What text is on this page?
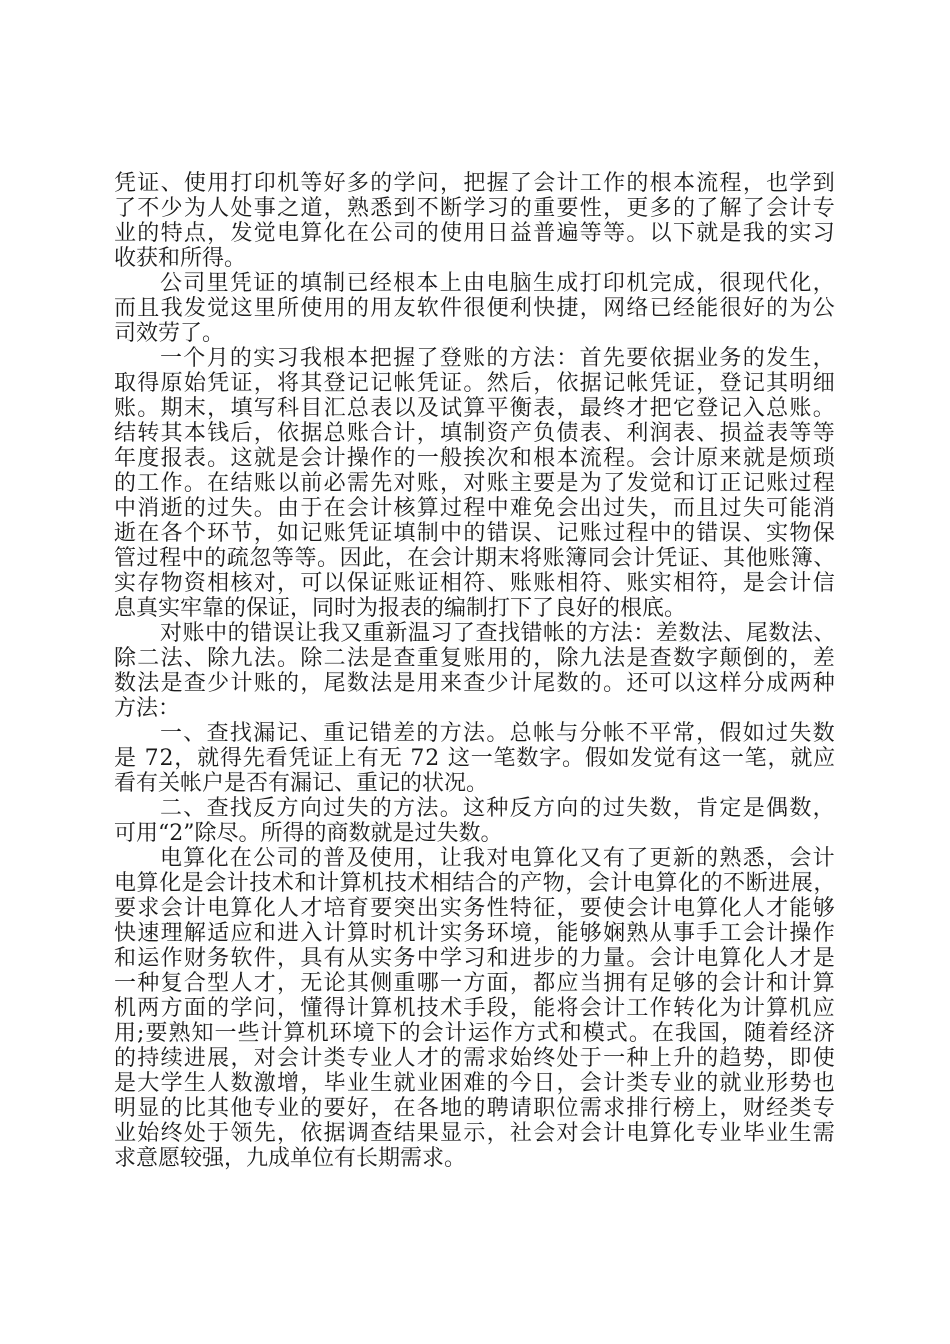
凭证、使用打印机等好多的学问，把握了会计工作的根本流程，也学到
了不少为人处事之道，熟悉到不断学习的重要性，更多的了解了会计专
业的特点，发觉电算化在公司的使用日益普遍等等。以下就是我的实习
收获和所得。
公司里凭证的填制已经根本上由电脑生成打印机完成，很现代化，
而且我发觉这里所使用的用友软件很便利快捷，网络已经能很好的为公
司效劳了。
一个月的实习我根本把握了登账的方法：首先要依据业务的发生，
取得原始凭证，将其登记记帐凭证。然后，依据记帐凭证，登记其明细
账。期末，填写科目汇总表以及试算平衡表，最终才把它登记入总账。
结转其本钱后，依据总账合计，填制资产负债表、利润表、损益表等等
年度报表。这就是会计操作的一般挨次和根本流程。会计原来就是烦琐
的工作。在结账以前必需先对账，对账主要是为了发觉和订正记账过程
中消逝的过失。由于在会计核算过程中难免会出过失，而且过失可能消
逝在各个环节，如记账凭证填制中的错误、记账过程中的错误、实物保
管过程中的疏忽等等。因此，在会计期末将账簿同会计凭证、其他账簿、
实存物资相核对，可以保证账证相符、账账相符、账实相符，是会计信
息真实牢靠的保证，同时为报表的编制打下了良好的根底。
对账中的错误让我又重新温习了查找错帐的方法：差数法、尾数法、
除二法、除九法。除二法是查重复账用的，除九法是查数字颠倒的，差
数法是查少计账的，尾数法是用来查少计尾数的。还可以这样分成两种
方法：
一、查找漏记、重记错差的方法。总帐与分帐不平常，假如过失数
是 72，就得先看凭证上有无 72 这一笔数字。假如发觉有这一笔，就应
看有关帐户是否有漏记、重记的状况。
二、查找反方向过失的方法。这种反方向的过失数，肯定是偶数，
可用“2”除尽。所得的商数就是过失数。
电算化在公司的普及使用，让我对电算化又有了更新的熟悉，会计
电算化是会计技术和计算机技术相结合的产物，会计电算化的不断进展，
要求会计电算化人才培育要突出实务性特征，要使会计电算化人才能够
快速理解适应和进入计算时机计实务环境，能够娴熟从事手工会计操作
和运作财务软件，具有从实务中学习和进步的力量。会计电算化人才是
一种复合型人才，无论其侧重哪一方面，都应当拥有足够的会计和计算
机两方面的学问，懂得计算机技术手段，能将会计工作转化为计算机应
用;要熟知一些计算机环境下的会计运作方式和模式。在我国，随着经济
的持续进展，对会计类专业人才的需求始终处于一种上升的趋势，即使
是大学生人数激增，毕业生就业困难的今日，会计类专业的就业形势也
明显的比其他专业的要好，在各地的聘请职位需求排行榜上，财经类专
业始终处于领先，依据调查结果显示，社会对会计电算化专业毕业生需
求意愿较强，九成单位有长期需求。
